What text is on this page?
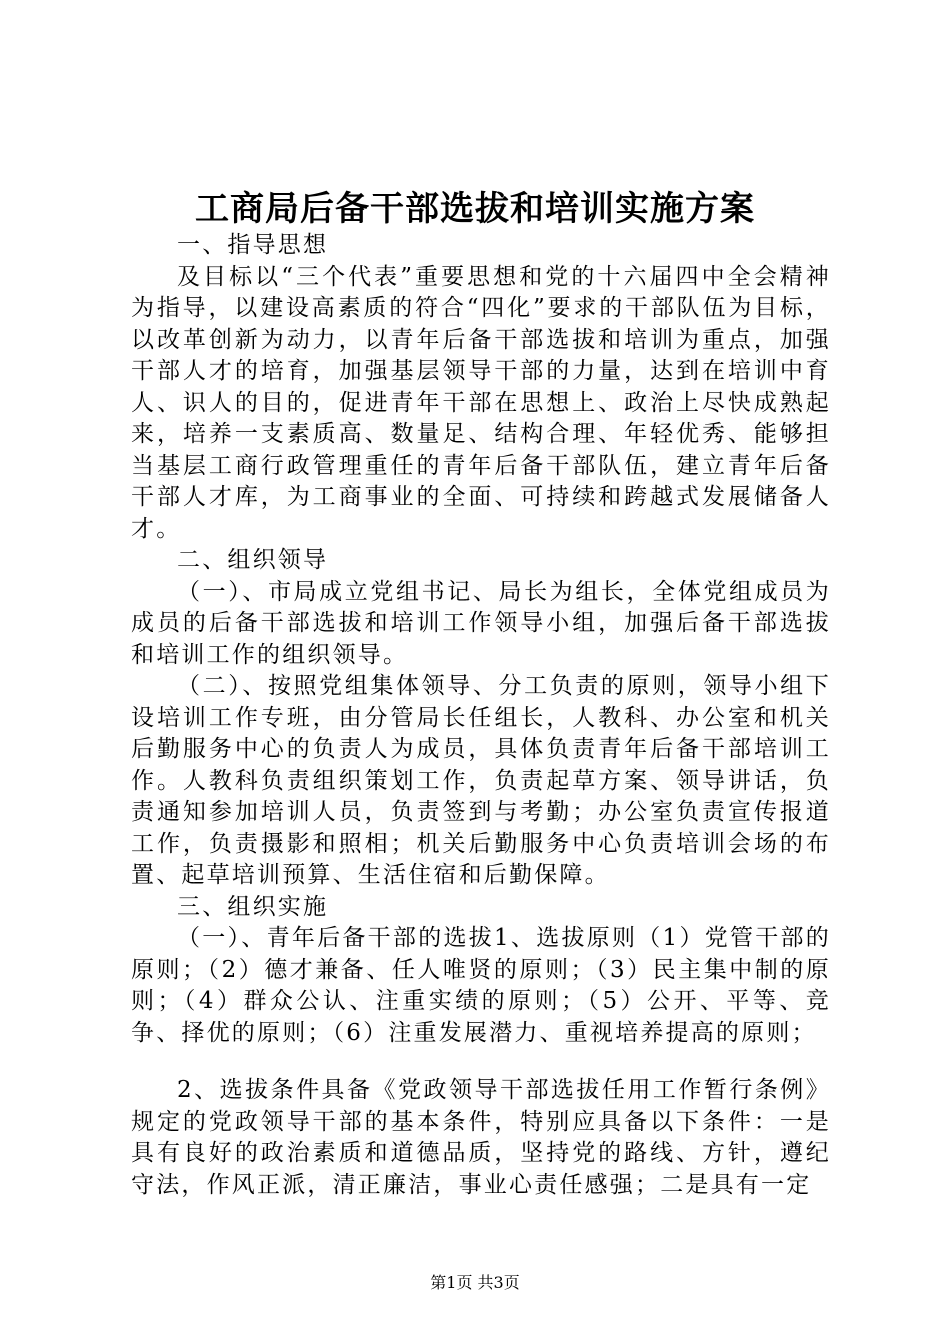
工商局后备干部选拔和培训实施方案

一、指导思想

及目标以“三个代表”重要思想和党的十六届四中全会精神为指导，以建设高素质的符合“四化”要求的干部队伍为目标，以改革创新为动力，以青年后备干部选拔和培训为重点，加强干部人才的培育，加强基层领导干部的力量，达到在培训中育人、识人的目的，促进青年干部在思想上、政治上尽快成熟起来，培养一支素质高、数量足、结构合理、年轻优秀、能够担当基层工商行政管理重任的青年后备干部队伍，建立青年后备干部人才库，为工商事业的全面、可持续和跨越式发展储备人才。

二、组织领导

（一）、市局成立党组书记、局长为组长，全体党组成员为成员的后备干部选拔和培训工作领导小组，加强后备干部选拔和培训工作的组织领导。

（二）、按照党组集体领导、分工负责的原则，领导小组下设培训工作专班，由分管局长任组长，人教科、办公室和机关后勤服务中心的负责人为成员，具体负责青年后备干部培训工作。人教科负责组织策划工作，负责起草方案、领导讲话，负责通知参加培训人员，负责签到与考勤；办公室负责宣传报道工作，负责摄影和照相；机关后勤服务中心负责培训会场的布置、起草培训预算、生活住宿和后勤保障。

三、组织实施

（一）、青年后备干部的选拔1、选拔原则（1）党管干部的原则；（2）德才兼备、任人唯贤的原则；（3）民主集中制的原则；（4）群众公认、注重实绩的原则；（5）公开、平等、竞争、择优的原则；（6）注重发展潜力、重视培养提高的原则；

2、选拔条件具备《党政领导干部选拔任用工作暂行条例》规定的党政领导干部的基本条件，特别应具备以下条件：一是具有良好的政治素质和道德品质，坚持党的路线、方针，遵纪守法，作风正派，清正廉洁，事业心责任感强；二是具有一定

第1页 共3页
